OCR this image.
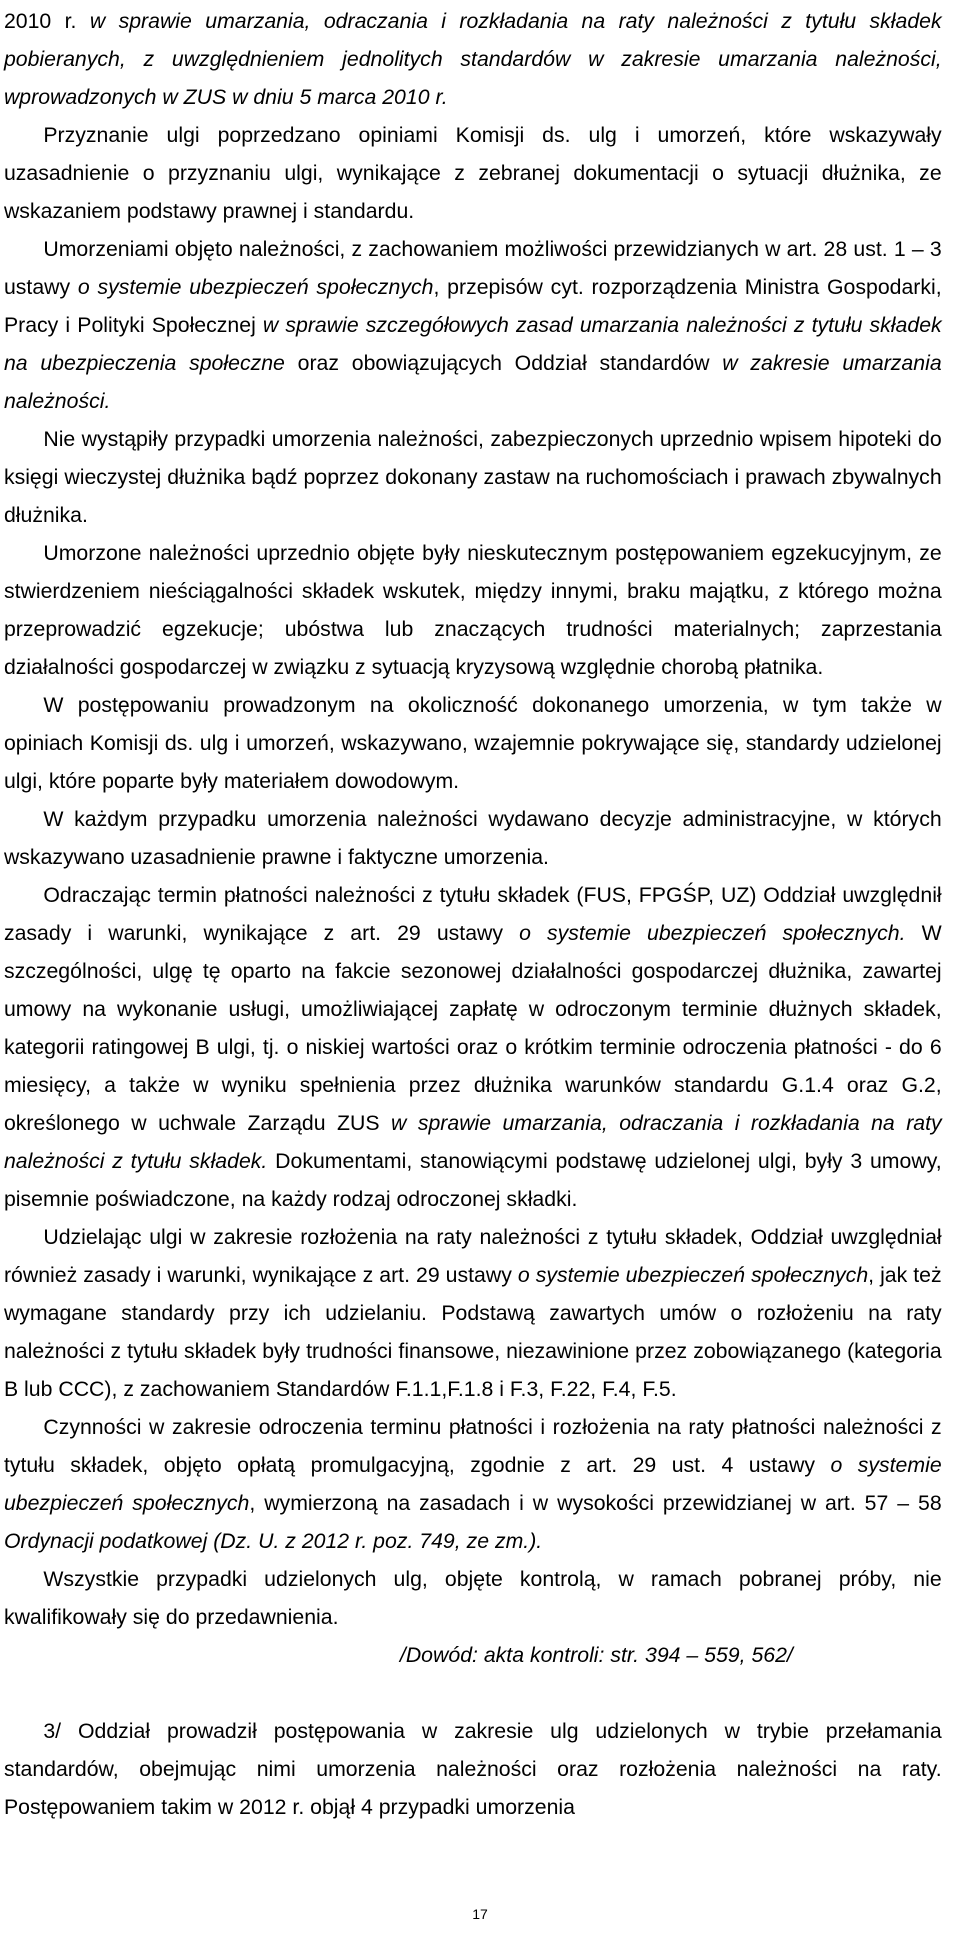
2010 r. w sprawie umarzania, odraczania i rozkładania na raty należności z tytułu składek pobieranych, z uwzględnieniem jednolitych standardów w zakresie umarzania należności, wprowadzonych w ZUS w dniu 5 marca 2010 r.

Przyznanie ulgi poprzedzano opiniami Komisji ds. ulg i umorzeń, które wskazywały uzasadnienie o przyznaniu ulgi, wynikające z zebranej dokumentacji o sytuacji dłużnika, ze wskazaniem podstawy prawnej i standardu.

Umorzeniami objęto należności, z zachowaniem możliwości przewidzianych w art. 28 ust. 1 – 3 ustawy o systemie ubezpieczeń społecznych, przepisów cyt. rozporządzenia Ministra Gospodarki, Pracy i Polityki Społecznej w sprawie szczegółowych zasad umarzania należności z tytułu składek na ubezpieczenia społeczne oraz obowiązujących Oddział standardów w zakresie umarzania należności.

Nie wystąpiły przypadki umorzenia należności, zabezpieczonych uprzednio wpisem hipoteki do księgi wieczystej dłużnika bądź poprzez dokonany zastaw na ruchomościach i prawach zbywalnych dłużnika.

Umorzone należności uprzednio objęte były nieskutecznym postępowaniem egzekucyjnym, ze stwierdzeniem nieściągalności składek wskutek, między innymi, braku majątku, z którego można przeprowadzić egzekucje; ubóstwa lub znaczących trudności materialnych; zaprzestania działalności gospodarczej w związku z sytuacją kryzysową względnie chorobą płatnika.

W postępowaniu prowadzonym na okoliczność dokonanego umorzenia, w tym także w opiniach Komisji ds. ulg i umorzeń, wskazywano, wzajemnie pokrywające się, standardy udzielonej ulgi, które poparte były materiałem dowodowym.

W każdym przypadku umorzenia należności wydawano decyzje administracyjne, w których wskazywano uzasadnienie prawne i faktyczne umorzenia.

Odraczając termin płatności należności z tytułu składek (FUS, FPGŚP, UZ) Oddział uwzględnił zasady i warunki, wynikające z art. 29 ustawy o systemie ubezpieczeń społecznych. W szczególności, ulgę tę oparto na fakcie sezonowej działalności gospodarczej dłużnika, zawartej umowy na wykonanie usługi, umożliwiającej zapłatę w odroczonym terminie dłużnych składek, kategorii ratingowej B ulgi, tj. o niskiej wartości oraz o krótkim terminie odroczenia płatności - do 6 miesięcy, a także w wyniku spełnienia przez dłużnika warunków standardu G.1.4 oraz G.2, określonego w uchwale Zarządu ZUS w sprawie umarzania, odraczania i rozkładania na raty należności z tytułu składek. Dokumentami, stanowiącymi podstawę udzielonej ulgi, były 3 umowy, pisemnie poświadczone, na każdy rodzaj odroczonej składki.

Udzielając ulgi w zakresie rozłożenia na raty należności z tytułu składek, Oddział uwzględniał również zasady i warunki, wynikające z art. 29 ustawy o systemie ubezpieczeń społecznych, jak też wymagane standardy przy ich udzielaniu. Podstawą zawartych umów o rozłożeniu na raty należności z tytułu składek były trudności finansowe, niezawinione przez zobowiązanego (kategoria B lub CCC), z zachowaniem Standardów F.1.1,F.1.8 i F.3, F.22, F.4, F.5.

Czynności w zakresie odroczenia terminu płatności i rozłożenia na raty płatności należności z tytułu składek, objęto opłatą promulgacyjną, zgodnie z art. 29 ust. 4 ustawy o systemie ubezpieczeń społecznych, wymierzoną na zasadach i w wysokości przewidzianej w art. 57 – 58 Ordynacji podatkowej (Dz. U. z 2012 r. poz. 749, ze zm.).

Wszystkie przypadki udzielonych ulg, objęte kontrolą, w ramach pobranej próby, nie kwalifikowały się do przedawnienia.

/Dowód: akta kontroli: str. 394 – 559, 562/

3/ Oddział prowadził postępowania w zakresie ulg udzielonych w trybie przełamania standardów, obejmując nimi umorzenia należności oraz rozłożenia należności na raty. Postępowaniem takim w 2012 r. objął 4 przypadki umorzenia

17
